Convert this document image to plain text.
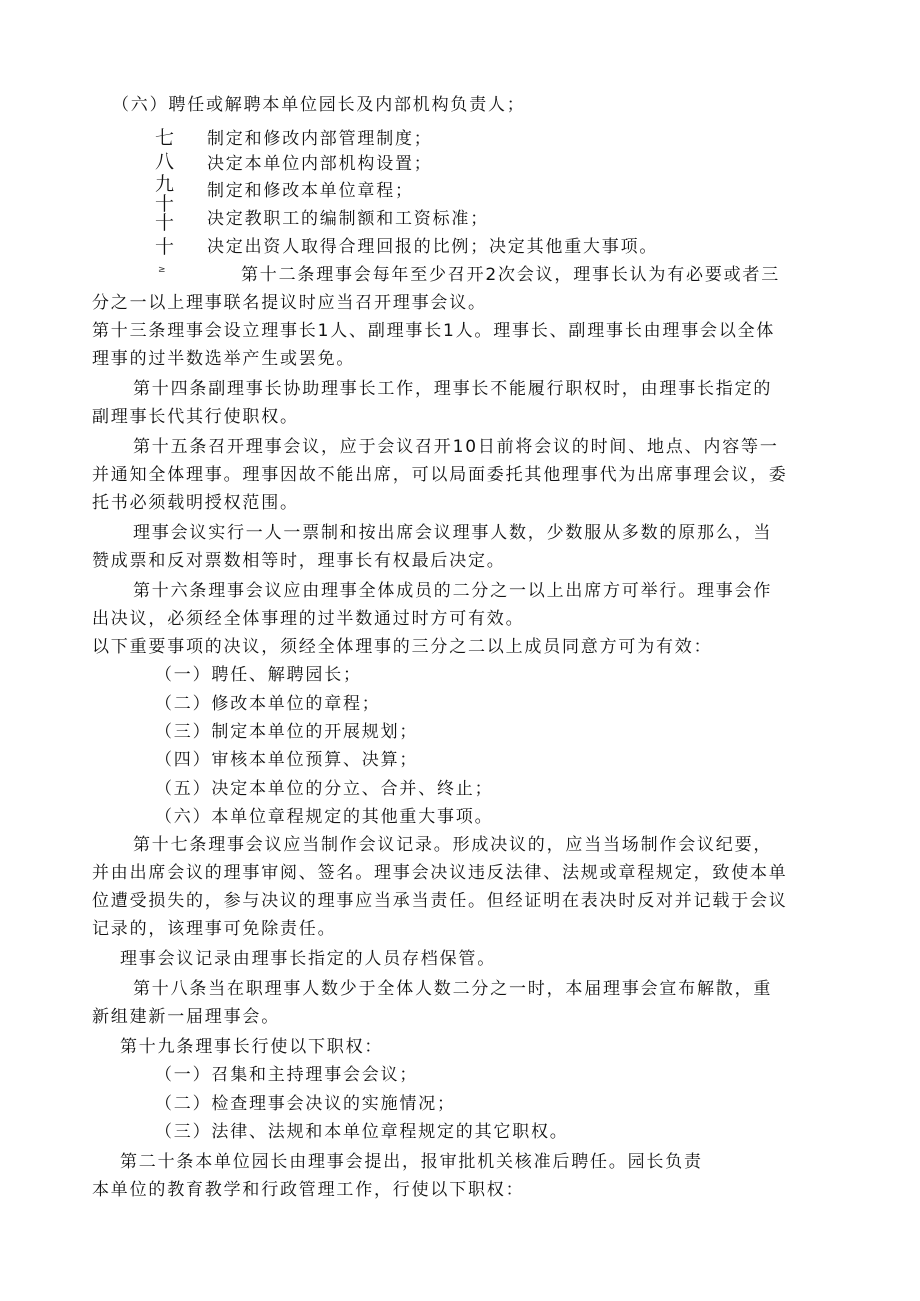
七
八
九
十
十
十
≥
（六）聘任或解聘本单位园长及内部机构负责人；
制定和修改内部管理制度；
决定本单位内部机构设置；
制定和修改本单位章程；
决定教职工的编制额和工资标准；
决定出资人取得合理回报的比例；决定其他重大事项。
第十二条理事会每年至少召开2次会议，理事长认为有必要或者三
分之一以上理事联名提议时应当召开理事会议。
第十三条理事会设立理事长1人、副理事长1人。理事长、副理事长由理事会以全体
理事的过半数选举产生或罢免。
第十四条副理事长协助理事长工作，理事长不能履行职权时，由理事长指定的
副理事长代其行使职权。
第十五条召开理事会议，应于会议召开10日前将会议的时间、地点、内容等一
并通知全体理事。理事因故不能出席，可以局面委托其他理事代为出席事理会议，委
托书必须载明授权范围。
理事会议实行一人一票制和按出席会议理事人数，少数服从多数的原那么，当
赞成票和反对票数相等时，理事长有权最后决定。
第十六条理事会议应由理事全体成员的二分之一以上出席方可举行。理事会作
出决议，必须经全体事理的过半数通过时方可有效。
以下重要事项的决议，须经全体理事的三分之二以上成员同意方可为有效：
（一）聘任、解聘园长；
（二）修改本单位的章程；
（三）制定本单位的开展规划；
（四）审核本单位预算、决算；
（五）决定本单位的分立、合并、终止；
（六）本单位章程规定的其他重大事项。
第十七条理事会议应当制作会议记录。形成决议的，应当当场制作会议纪要，
并由出席会议的理事审阅、签名。理事会决议违反法律、法规或章程规定，致使本单
位遭受损失的，参与决议的理事应当承当责任。但经证明在表决时反对并记载于会议
记录的，该理事可免除责任。
理事会议记录由理事长指定的人员存档保管。
第十八条当在职理事人数少于全体人数二分之一时，本届理事会宣布解散，重
新组建新一届理事会。
第十九条理事长行使以下职权：
（一）召集和主持理事会会议；
（二）检查理事会决议的实施情况；
（三）法律、法规和本单位章程规定的其它职权。
第二十条本单位园长由理事会提出，报审批机关核准后聘任。园长负责
本单位的教育教学和行政管理工作，行使以下职权：
